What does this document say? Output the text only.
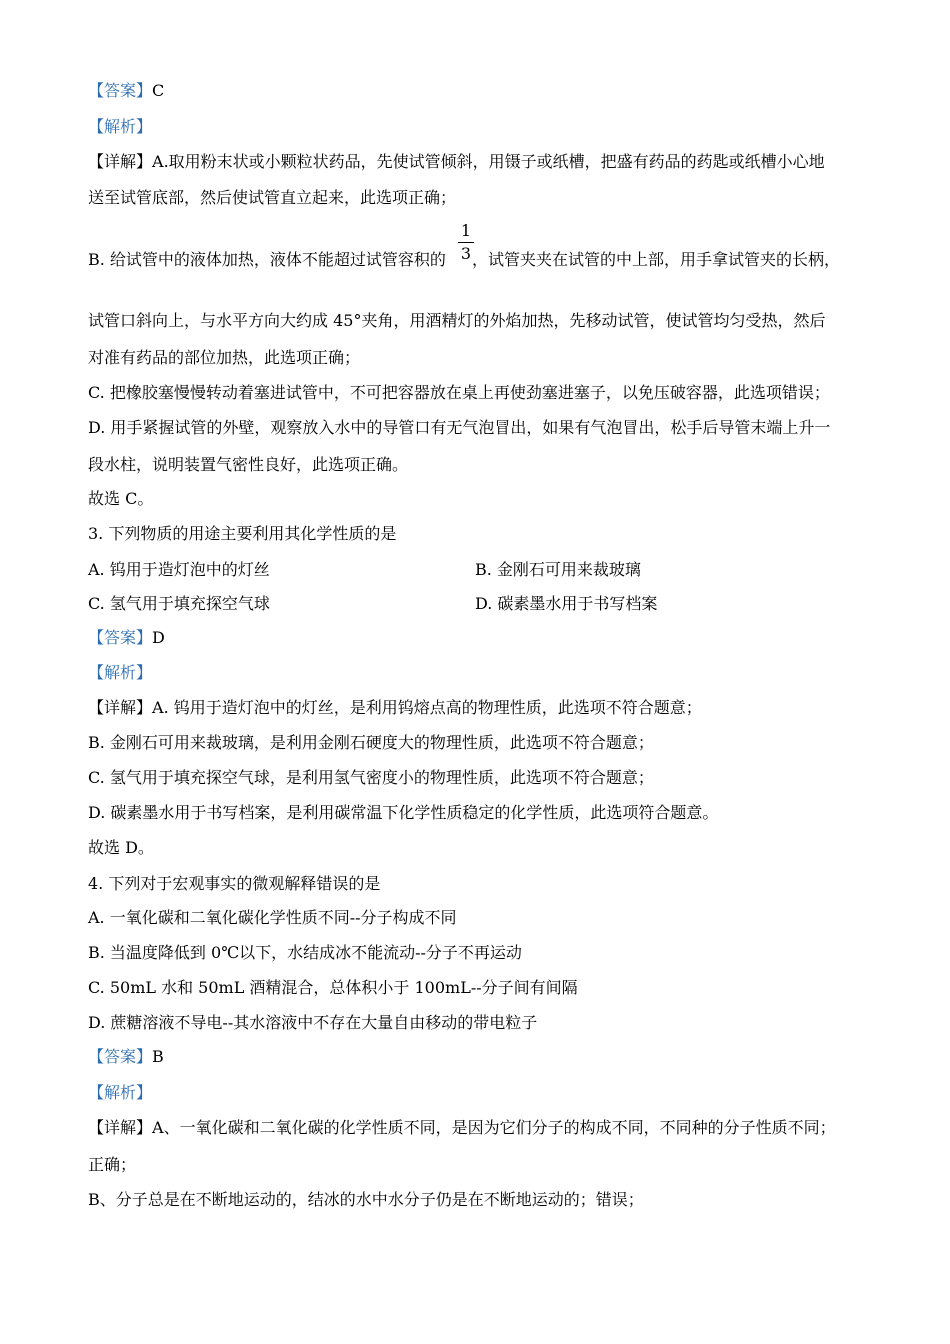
【答案】C
【解析】
【详解】A.取用粉末状或小颗粒状药品，先使试管倾斜，用镊子或纸槽，把盛有药品的药匙或纸槽小心地
送至试管底部，然后使试管直立起来，此选项正确；
B. 给试管中的液体加热，液体不能超过试管容积的 ，试管夹夹在试管的中上部，用手拿试管夹的长柄，
1
3
试管口斜向上，与水平方向大约成 45°夹角，用酒精灯的外焰加热，先移动试管，使试管均匀受热，然后
对准有药品的部位加热，此选项正确；
C. 把橡胶塞慢慢转动着塞进试管中，不可把容器放在桌上再使劲塞进塞子，以免压破容器，此选项错误；
D. 用手紧握试管的外壁，观察放入水中的导管口有无气泡冒出，如果有气泡冒出，松手后导管末端上升一
段水柱，说明装置气密性良好，此选项正确。
故选 C。
3. 下列物质的用途主要利用其化学性质的是
A. 钨用于造灯泡中的灯丝	B. 金刚石可用来裁玻璃
C. 氢气用于填充探空气球	D. 碳素墨水用于书写档案
【答案】D
【解析】
【详解】A. 钨用于造灯泡中的灯丝，是利用钨熔点高的物理性质，此选项不符合题意；
B. 金刚石可用来裁玻璃，是利用金刚石硬度大的物理性质，此选项不符合题意；
C. 氢气用于填充探空气球，是利用氢气密度小的物理性质，此选项不符合题意；
D. 碳素墨水用于书写档案，是利用碳常温下化学性质稳定的化学性质，此选项符合题意。
故选 D。
4. 下列对于宏观事实的微观解释错误的是
A. 一氧化碳和二氧化碳化学性质不同--分子构成不同
B. 当温度降低到 0℃以下，水结成冰不能流动--分子不再运动
C. 50mL 水和 50mL 酒精混合，总体积小于 100mL--分子间有间隔
D. 蔗糖溶液不导电--其水溶液中不存在大量自由移动的带电粒子
【答案】B
【解析】
【详解】A、一氧化碳和二氧化碳的化学性质不同，是因为它们分子的构成不同，不同种的分子性质不同；
正确；
B、分子总是在不断地运动的，结冰的水中水分子仍是在不断地运动的；错误；
